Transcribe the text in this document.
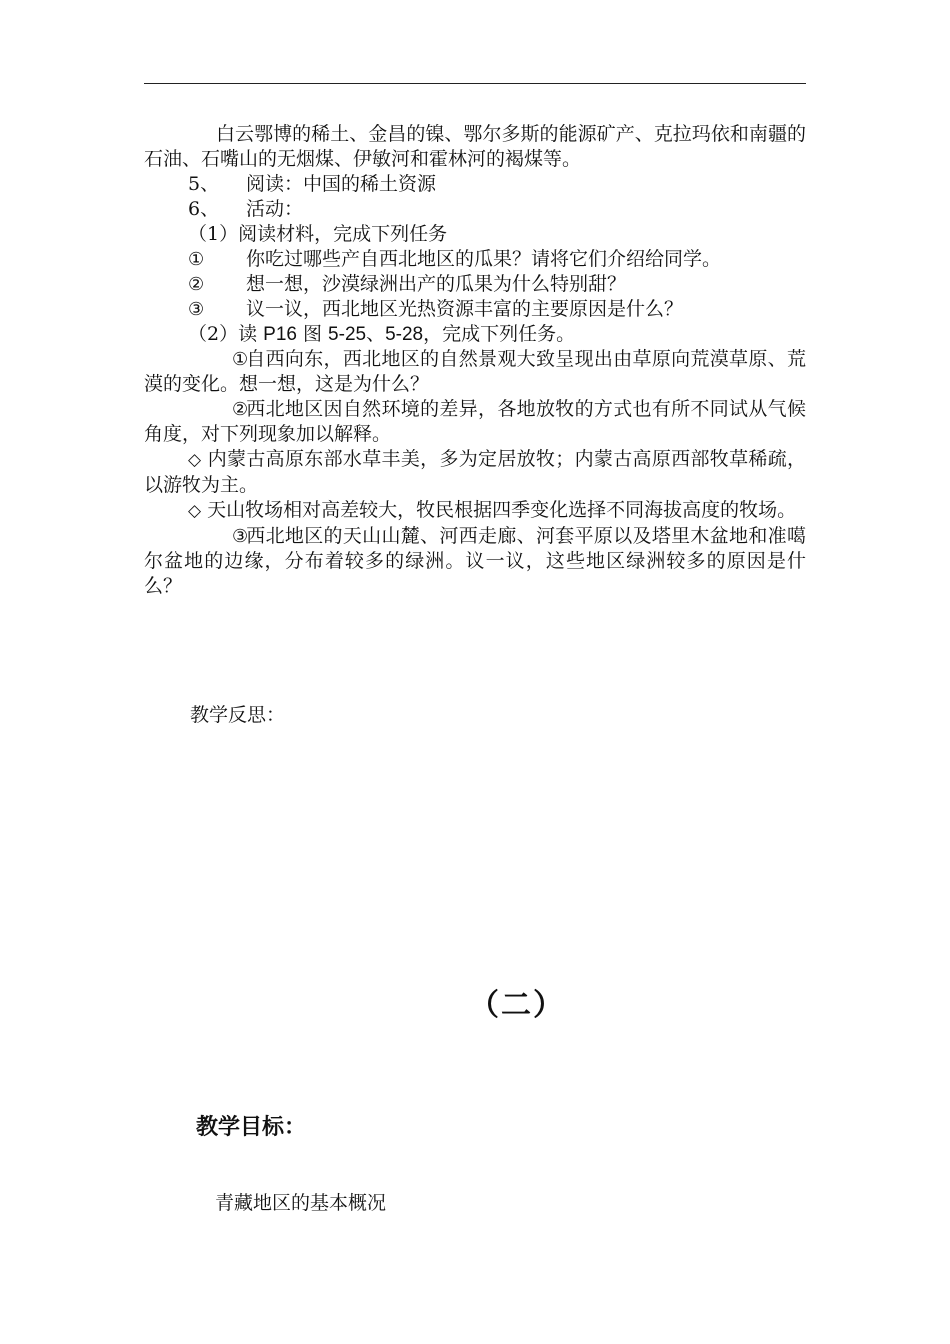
白云鄂博的稀土、金昌的镍、鄂尔多斯的能源矿产、克拉玛依和南疆的石油、石嘴山的无烟煤、伊敏河和霍林河的褐煤等。

5、 阅读：中国的稀土资源

6、 活动：

（1）阅读材料，完成下列任务

① 你吃过哪些产自西北地区的瓜果？请将它们介绍给同学。

② 想一想，沙漠绿洲出产的瓜果为什么特别甜？

③ 议一议，西北地区光热资源丰富的主要原因是什么？

（2）读 P16 图 5-25、5-28，完成下列任务。

①自西向东，西北地区的自然景观大致呈现出由草原向荒漠草原、荒漠的变化。想一想，这是为什么？

②西北地区因自然环境的差异，各地放牧的方式也有所不同试从气候角度，对下列现象加以解释。

◇ 内蒙古高原东部水草丰美，多为定居放牧；内蒙古高原西部牧草稀疏，以游牧为主。

◇ 天山牧场相对高差较大，牧民根据四季变化选择不同海拔高度的牧场。

③西北地区的天山山麓、河西走廊、河套平原以及塔里木盆地和准噶尔盆地的边缘，分布着较多的绿洲。议一议，这些地区绿洲较多的原因是什么？

教学反思：
（二）
教学目标：
青藏地区的基本概况
